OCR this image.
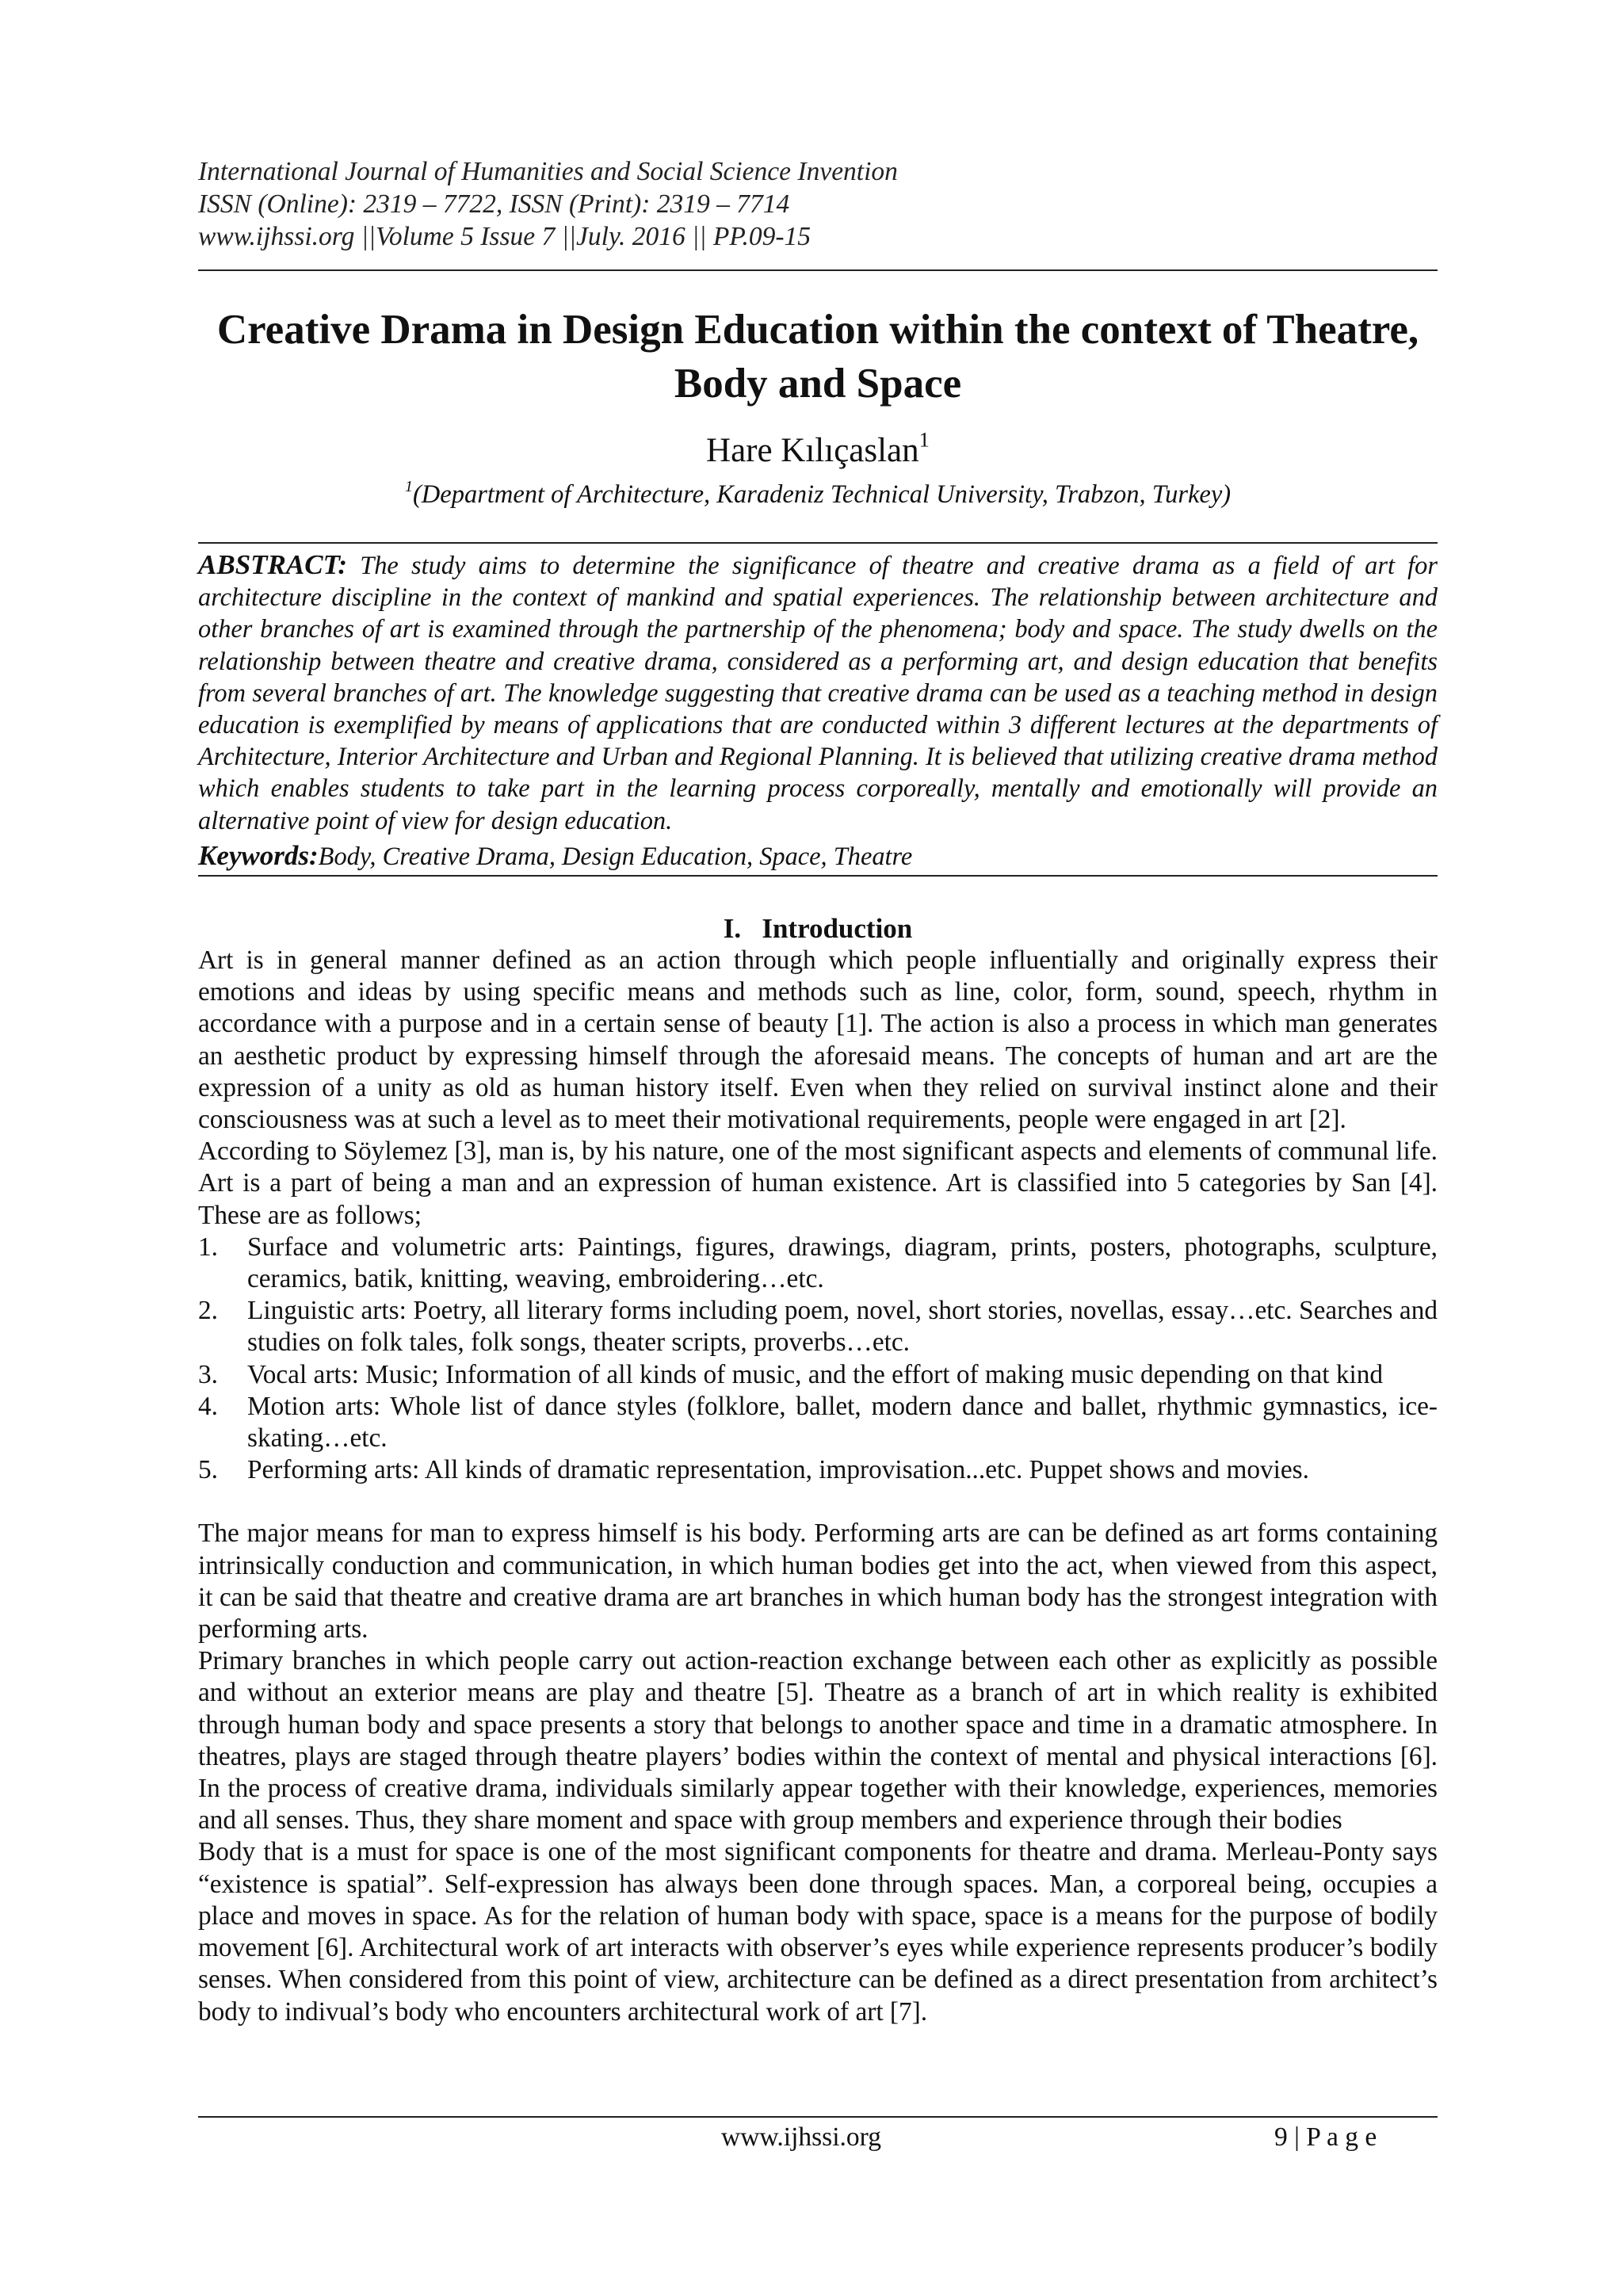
International Journal of Humanities and Social Science Invention
ISSN (Online): 2319 – 7722, ISSN (Print): 2319 – 7714
www.ijhssi.org ||Volume 5 Issue 7 ||July. 2016 || PP.09-15
Creative Drama in Design Education within the context of Theatre, Body and Space
Hare Kılıçaslan$^1$
$^1$(Department of Architecture, Karadeniz Technical University, Trabzon, Turkey)
ABSTRACT: The study aims to determine the significance of theatre and creative drama as a field of art for architecture discipline in the context of mankind and spatial experiences. The relationship between architecture and other branches of art is examined through the partnership of the phenomena; body and space. The study dwells on the relationship between theatre and creative drama, considered as a performing art, and design education that benefits from several branches of art. The knowledge suggesting that creative drama can be used as a teaching method in design education is exemplified by means of applications that are conducted within 3 different lectures at the departments of Architecture, Interior Architecture and Urban and Regional Planning. It is believed that utilizing creative drama method which enables students to take part in the learning process corporeally, mentally and emotionally will provide an alternative point of view for design education.
Keywords:Body, Creative Drama, Design Education, Space, Theatre
I.   Introduction

Art is in general manner defined as an action through which people influentially and originally express their emotions and ideas by using specific means and methods such as line, color, form, sound, speech, rhythm in accordance with a purpose and in a certain sense of beauty [1]. The action is also a process in which man generates an aesthetic product by expressing himself through the aforesaid means. The concepts of human and art are the expression of a unity as old as human history itself. Even when they relied on survival instinct alone and their consciousness was at such a level as to meet their motivational requirements, people were engaged in art [2].

According to Söylemez [3], man is, by his nature, one of the most significant aspects and elements of communal life. Art is a part of being a man and an expression of human existence. Art is classified into 5 categories by San [4]. These are as follows;

1. Surface and volumetric arts: Paintings, figures, drawings, diagram, prints, posters, photographs, sculpture, ceramics, batik, knitting, weaving, embroidering…etc.
2. Linguistic arts: Poetry, all literary forms including poem, novel, short stories, novellas, essay…etc. Searches and studies on folk tales, folk songs, theater scripts, proverbs…etc.
3. Vocal arts: Music; Information of all kinds of music, and the effort of making music depending on that kind
4. Motion arts: Whole list of dance styles (folklore, ballet, modern dance and ballet, rhythmic gymnastics, ice-skating…etc.
5. Performing arts: All kinds of dramatic representation, improvisation...etc. Puppet shows and movies.

The major means for man to express himself is his body. Performing arts are can be defined as art forms containing intrinsically conduction and communication, in which human bodies get into the act, when viewed from this aspect, it can be said that theatre and creative drama are art branches in which human body has the strongest integration with performing arts.

Primary branches in which people carry out action-reaction exchange between each other as explicitly as possible and without an exterior means are play and theatre [5]. Theatre as a branch of art in which reality is exhibited through human body and space presents a story that belongs to another space and time in a dramatic atmosphere. In theatres, plays are staged through theatre players’ bodies within the context of mental and physical interactions [6]. In the process of creative drama, individuals similarly appear together with their knowledge, experiences, memories and all senses. Thus, they share moment and space with group members and experience through their bodies

Body that is a must for space is one of the most significant components for theatre and drama. Merleau-Ponty says “existence is spatial”. Self-expression has always been done through spaces. Man, a corporeal being, occupies a place and moves in space. As for the relation of human body with space, space is a means for the purpose of bodily movement [6]. Architectural work of art interacts with observer’s eyes while experience represents producer’s bodily senses. When considered from this point of view, architecture can be defined as a direct presentation from architect’s body to indivual’s body who encounters architectural work of art [7].

www.ijhssi.org	9 | P a g e
